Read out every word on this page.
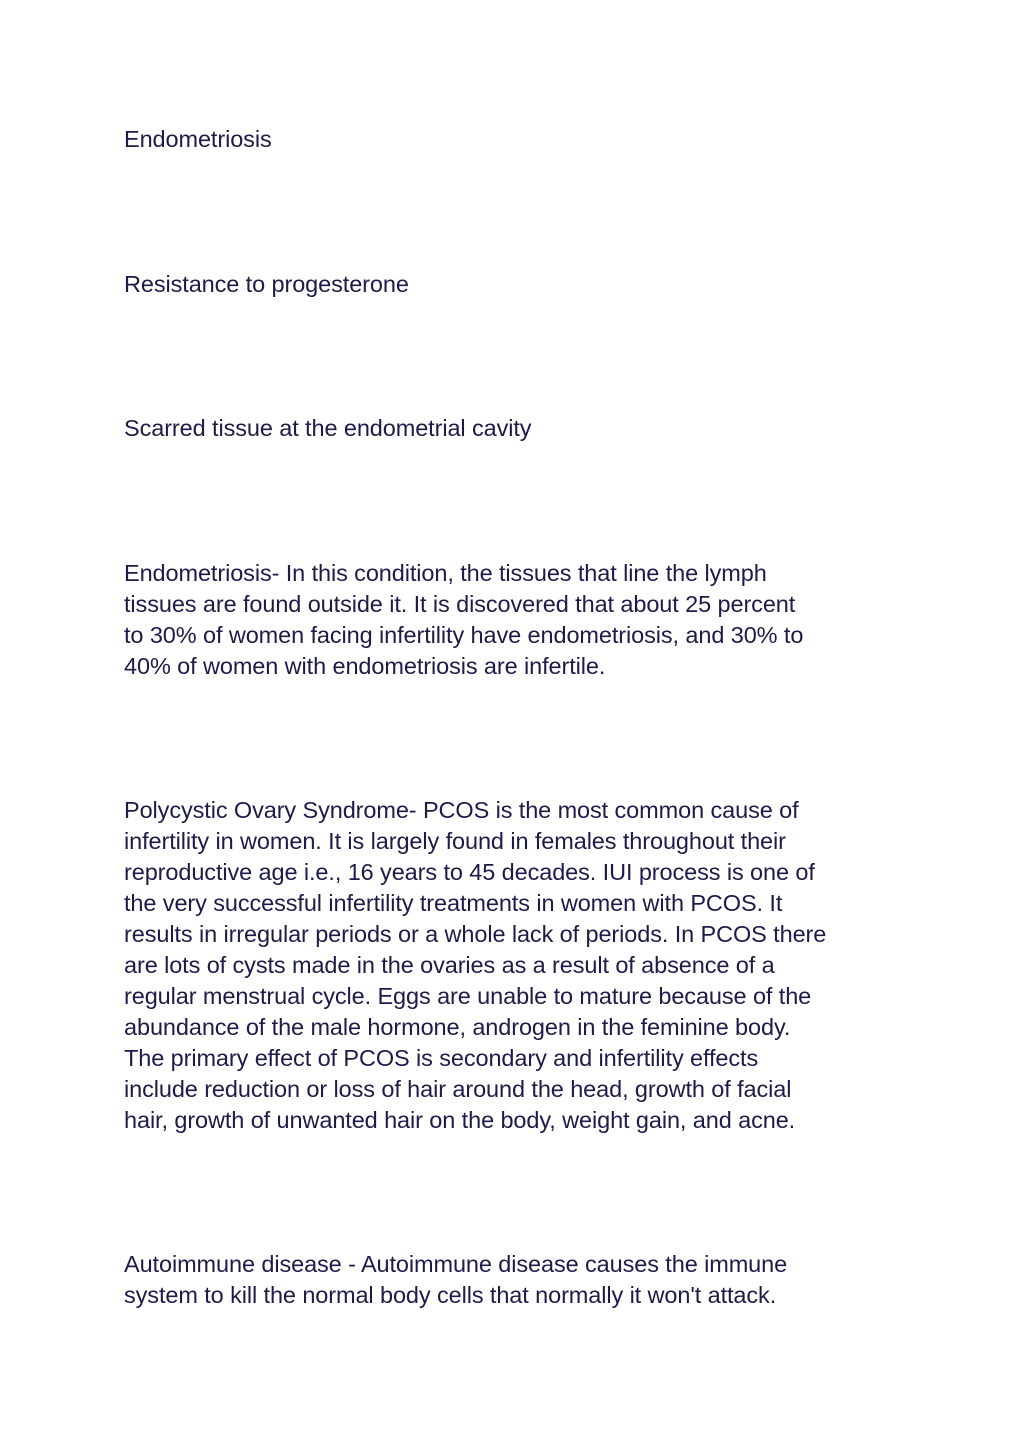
Endometriosis

Resistance to progesterone

Scarred tissue at the endometrial cavity

Endometriosis- In this condition, the tissues that line the lymph
tissues are found outside it. It is discovered that about 25 percent
to 30% of women facing infertility have endometriosis, and 30% to
40% of women with endometriosis are infertile.

Polycystic Ovary Syndrome- PCOS is the most common cause of
infertility in women. It is largely found in females throughout their
reproductive age i.e., 16 years to 45 decades. IUI process is one of
the very successful infertility treatments in women with PCOS. It
results in irregular periods or a whole lack of periods. In PCOS there
are lots of cysts made in the ovaries as a result of absence of a
regular menstrual cycle. Eggs are unable to mature because of the
abundance of the male hormone, androgen in the feminine body.
The primary effect of PCOS is secondary and infertility effects
include reduction or loss of hair around the head, growth of facial
hair, growth of unwanted hair on the body, weight gain, and acne.

Autoimmune disease - Autoimmune disease causes the immune
system to kill the normal body cells that normally it won't attack.
